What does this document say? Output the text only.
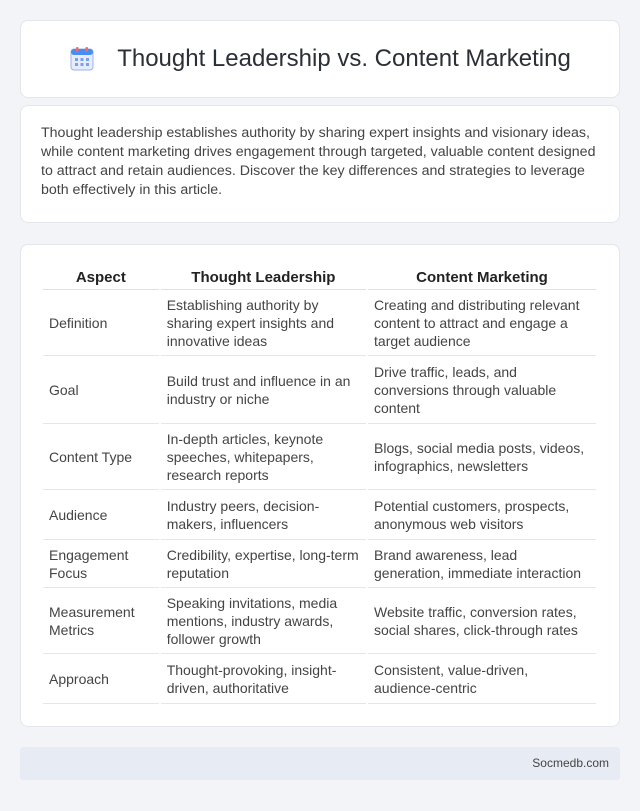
Thought Leadership vs. Content Marketing

Thought leadership establishes authority by sharing expert insights and visionary ideas, while content marketing drives engagement through targeted, valuable content designed to attract and retain audiences. Discover the key differences and strategies to leverage both effectively in this article.

Aspect	Thought Leadership	Content Marketing
Definition	Establishing authority by sharing expert insights and innovative ideas	Creating and distributing relevant content to attract and engage a target audience
Goal	Build trust and influence in an industry or niche	Drive traffic, leads, and conversions through valuable content
Content Type	In-depth articles, keynote speeches, whitepapers, research reports	Blogs, social media posts, videos, infographics, newsletters
Audience	Industry peers, decision-makers, influencers	Potential customers, prospects, anonymous web visitors
Engagement Focus	Credibility, expertise, long-term reputation	Brand awareness, lead generation, immediate interaction
Measurement Metrics	Speaking invitations, media mentions, industry awards, follower growth	Website traffic, conversion rates, social shares, click-through rates
Approach	Thought-provoking, insight-driven, authoritative	Consistent, value-driven, audience-centric
Socmedb.com
